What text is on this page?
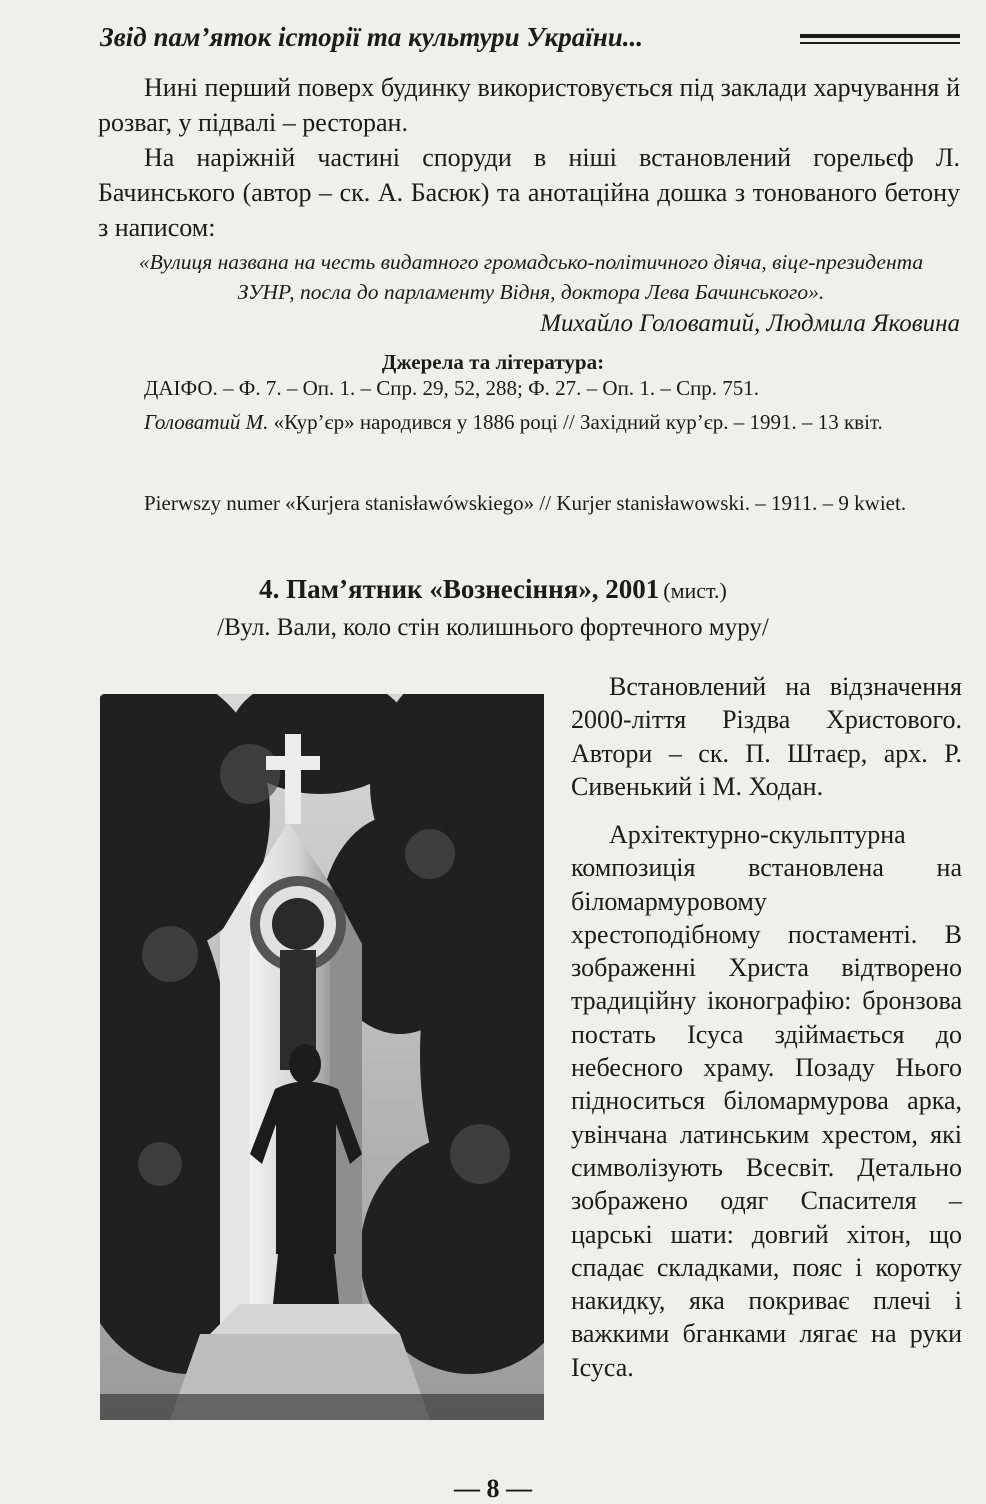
Звід пам’яток історії та культури України...

Нині перший поверх будинку використовується під заклади харчування й розваг, у підвалі – ресторан.

На наріжній частині споруди в ніші встановлений горельєф Л. Бачинського (автор – ск. А. Басюк) та анотаційна дошка з тонованого бетону з написом:

«Вулиця названа на честь видатного громадсько-політичного діяча, віце-президента ЗУНР, посла до парламенту Відня, доктора Лева Бачинського».

Михайло Головатий, Людмила Яковина
Джерела та література:

ДАІФО. – Ф. 7. – Оп. 1. – Спр. 29, 52, 288; Ф. 27. – Оп. 1. – Спр. 751.

Головатий М. «Кур’єр» народився у 1886 році // Західний кур’єр. – 1991. – 13 квіт.

Pierwszy numer «Kurjera stanisławówskiego» // Kurjer stanisławowski. – 1911. – 9 kwiet.

4. Пам’ятник «Вознесіння», 2001 (мист.)
/Вул. Вали, коло стін колишнього фортечного муру/

Встановлений на відзначення 2000-ліття Різдва Христового. Автори – ск. П. Штаєр, арх. Р. Сивенький і М. Ходан.

Архітектурно-скульптурна композиція встановлена на біломармуровому хрестоподібному постаменті. В зображенні Христа відтворено традиційну іконографію: бронзова постать Ісуса здіймається до небесного храму. Позаду Нього підноситься біломармурова арка, увінчана латинським хрестом, які символізують Всесвіт. Детально зображено одяг Спасителя – царські шати: довгий хітон, що спадає складками, пояс і коротку накидку, яка покриває плечі і важкими бганками лягає на руки Ісуса.

— 8 —
